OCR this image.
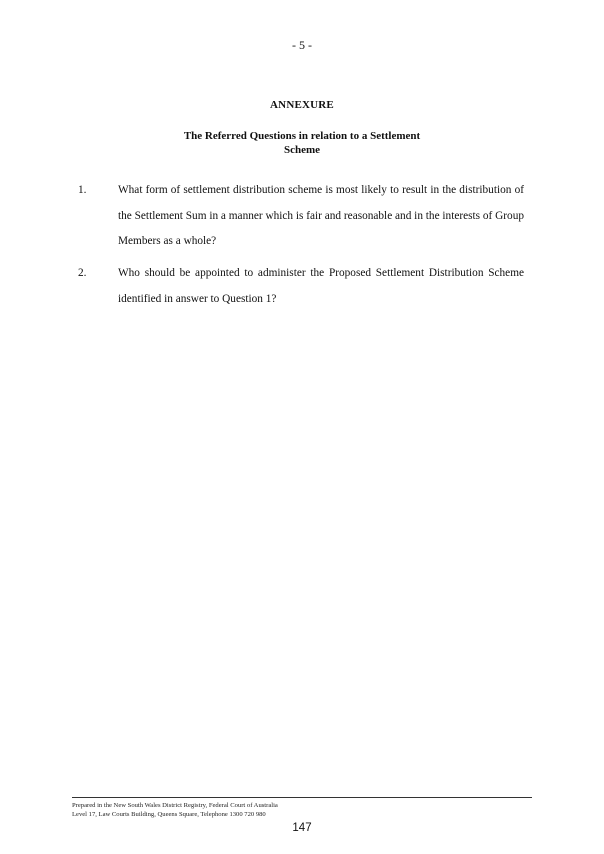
- 5 -
ANNEXURE
The Referred Questions in relation to a Settlement
Scheme
1.	What form of settlement distribution scheme is most likely to result in the distribution of the Settlement Sum in a manner which is fair and reasonable and in the interests of Group Members as a whole?
2.	Who should be appointed to administer the Proposed Settlement Distribution Scheme identified in answer to Question 1?
Prepared in the New South Wales District Registry, Federal Court of Australia
Level 17, Law Courts Building, Queens Square, Telephone 1300 720 980
147
